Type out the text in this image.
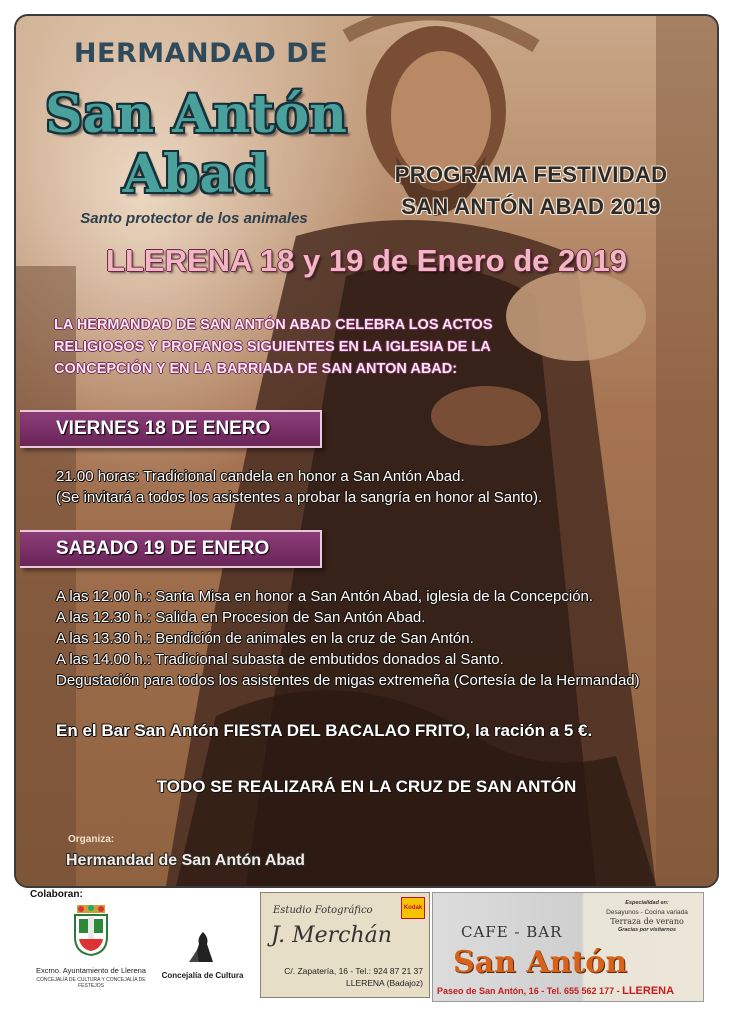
HERMANDAD DE
San Antón
Abad
Santo protector de los animales
PROGRAMA FESTIVIDAD
SAN ANTÓN ABAD 2019
LLERENA 18 y 19 de Enero de 2019
LA HERMANDAD DE SAN ANTÓN ABAD CELEBRA LOS ACTOS
RELIGIOSOS Y PROFANOS SIGUIENTES EN LA IGLESIA DE LA
CONCEPCIÓN Y EN LA BARRIADA DE SAN ANTON ABAD:
VIERNES 18 DE ENERO
21.00 horas: Tradicional candela en honor a San Antón Abad.
(Se invitará a todos los asistentes a probar la sangría en honor al Santo).
SABADO 19 DE ENERO
A las 12.00 h.: Santa Misa en honor a San Antón Abad, iglesia de la Concepción.
A las 12.30 h.: Salida en Procesion de San Antón Abad.
A las 13.30 h.: Bendición de animales en la cruz de San Antón.
A las 14.00 h.: Tradicional subasta de embutidos donados al Santo.
Degustación para todos los asistentes de migas extremeña (Cortesía de la Hermandad)
En el Bar San Antón FIESTA DEL BACALAO FRITO, la ración a 5 €.
TODO SE REALIZARÁ EN LA CRUZ DE SAN ANTÓN
Organiza:
Hermandad de San Antón Abad
Colaboran:
Excmo. Ayuntamiento de Llerena
CONCEJALÍA DE CULTURA Y CONCEJALÍA DE FESTEJOS
Concejalía de Cultura
Estudio Fotográfico
J. Merchán
Kodak
C/. Zapatería, 16 - Tel.: 924 87 21 37
LLERENA (Badajoz)
CAFE - BAR
San Antón
Especialidad en:
Desayunos - Cocina variada
Terraza de verano
Gracias por visitarnos
Paseo de San Antón, 16 - Tel. 655 562 177 - LLERENA
